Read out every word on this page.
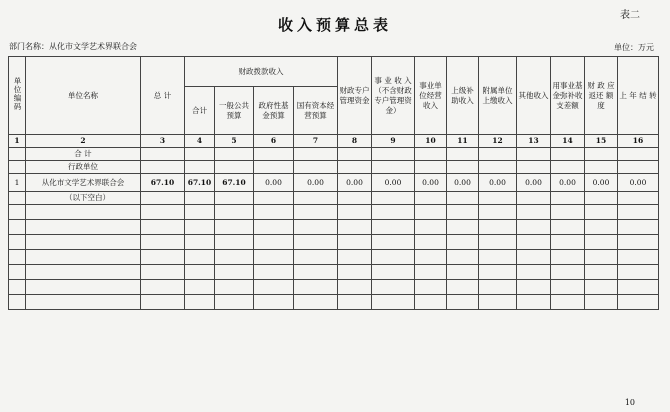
表二
收入预算总表
部门名称：从化市文学艺术界联合会	单位：万元
单位编码	单位名称	总 计	财政拨款收入				财政专户管理资金	事 业 收 入 （不含财政专户管理资金）	事业单位经营收入	上级补助收入	附属单位上缴收入	其他收入	用事业基金弥补收支差额	财 政 应 返还 额度	上 年 结 转
			合计	一般公共预算	政府性基金预算	国有资本经营预算									
1	2	3	4	5	6	7	8	9	10	11	12	13	14	15	16
	合 计														
	行政单位														
1	从化市文学艺术界联合会	67.10	67.10	67.10	0.00	0.00	0.00	0.00	0.00	0.00	0.00	0.00	0.00	0.00	0.00
	（以下空白）														

10
